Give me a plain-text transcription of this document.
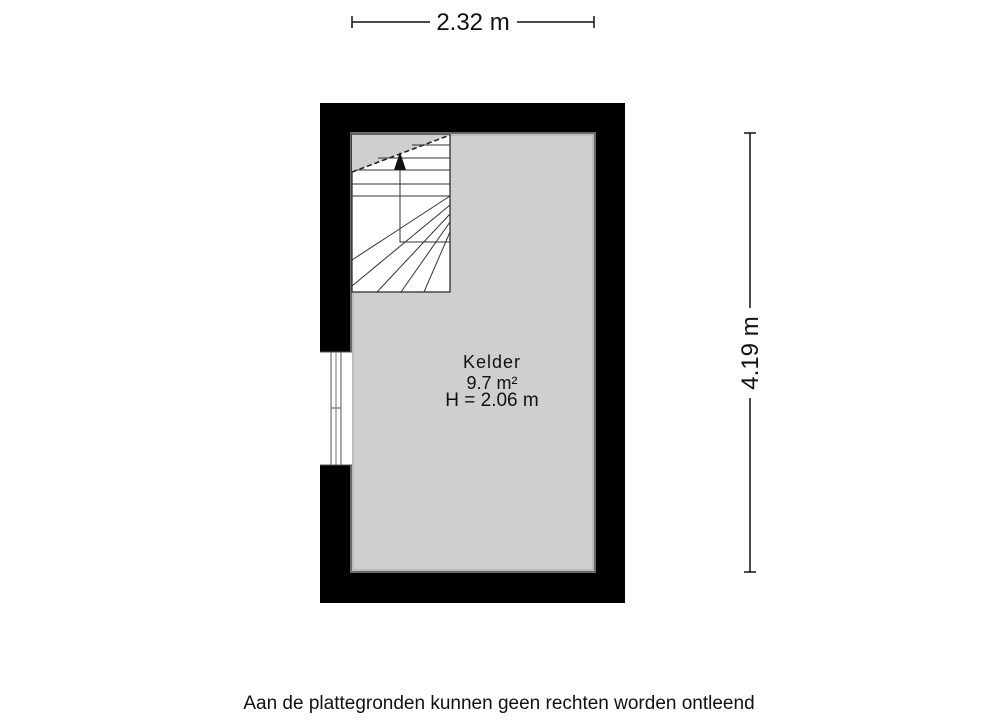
2.32 m
4.19 m
Kelder
9.7 m²
H = 2.06 m
Aan de plattegronden kunnen geen rechten worden ontleend
